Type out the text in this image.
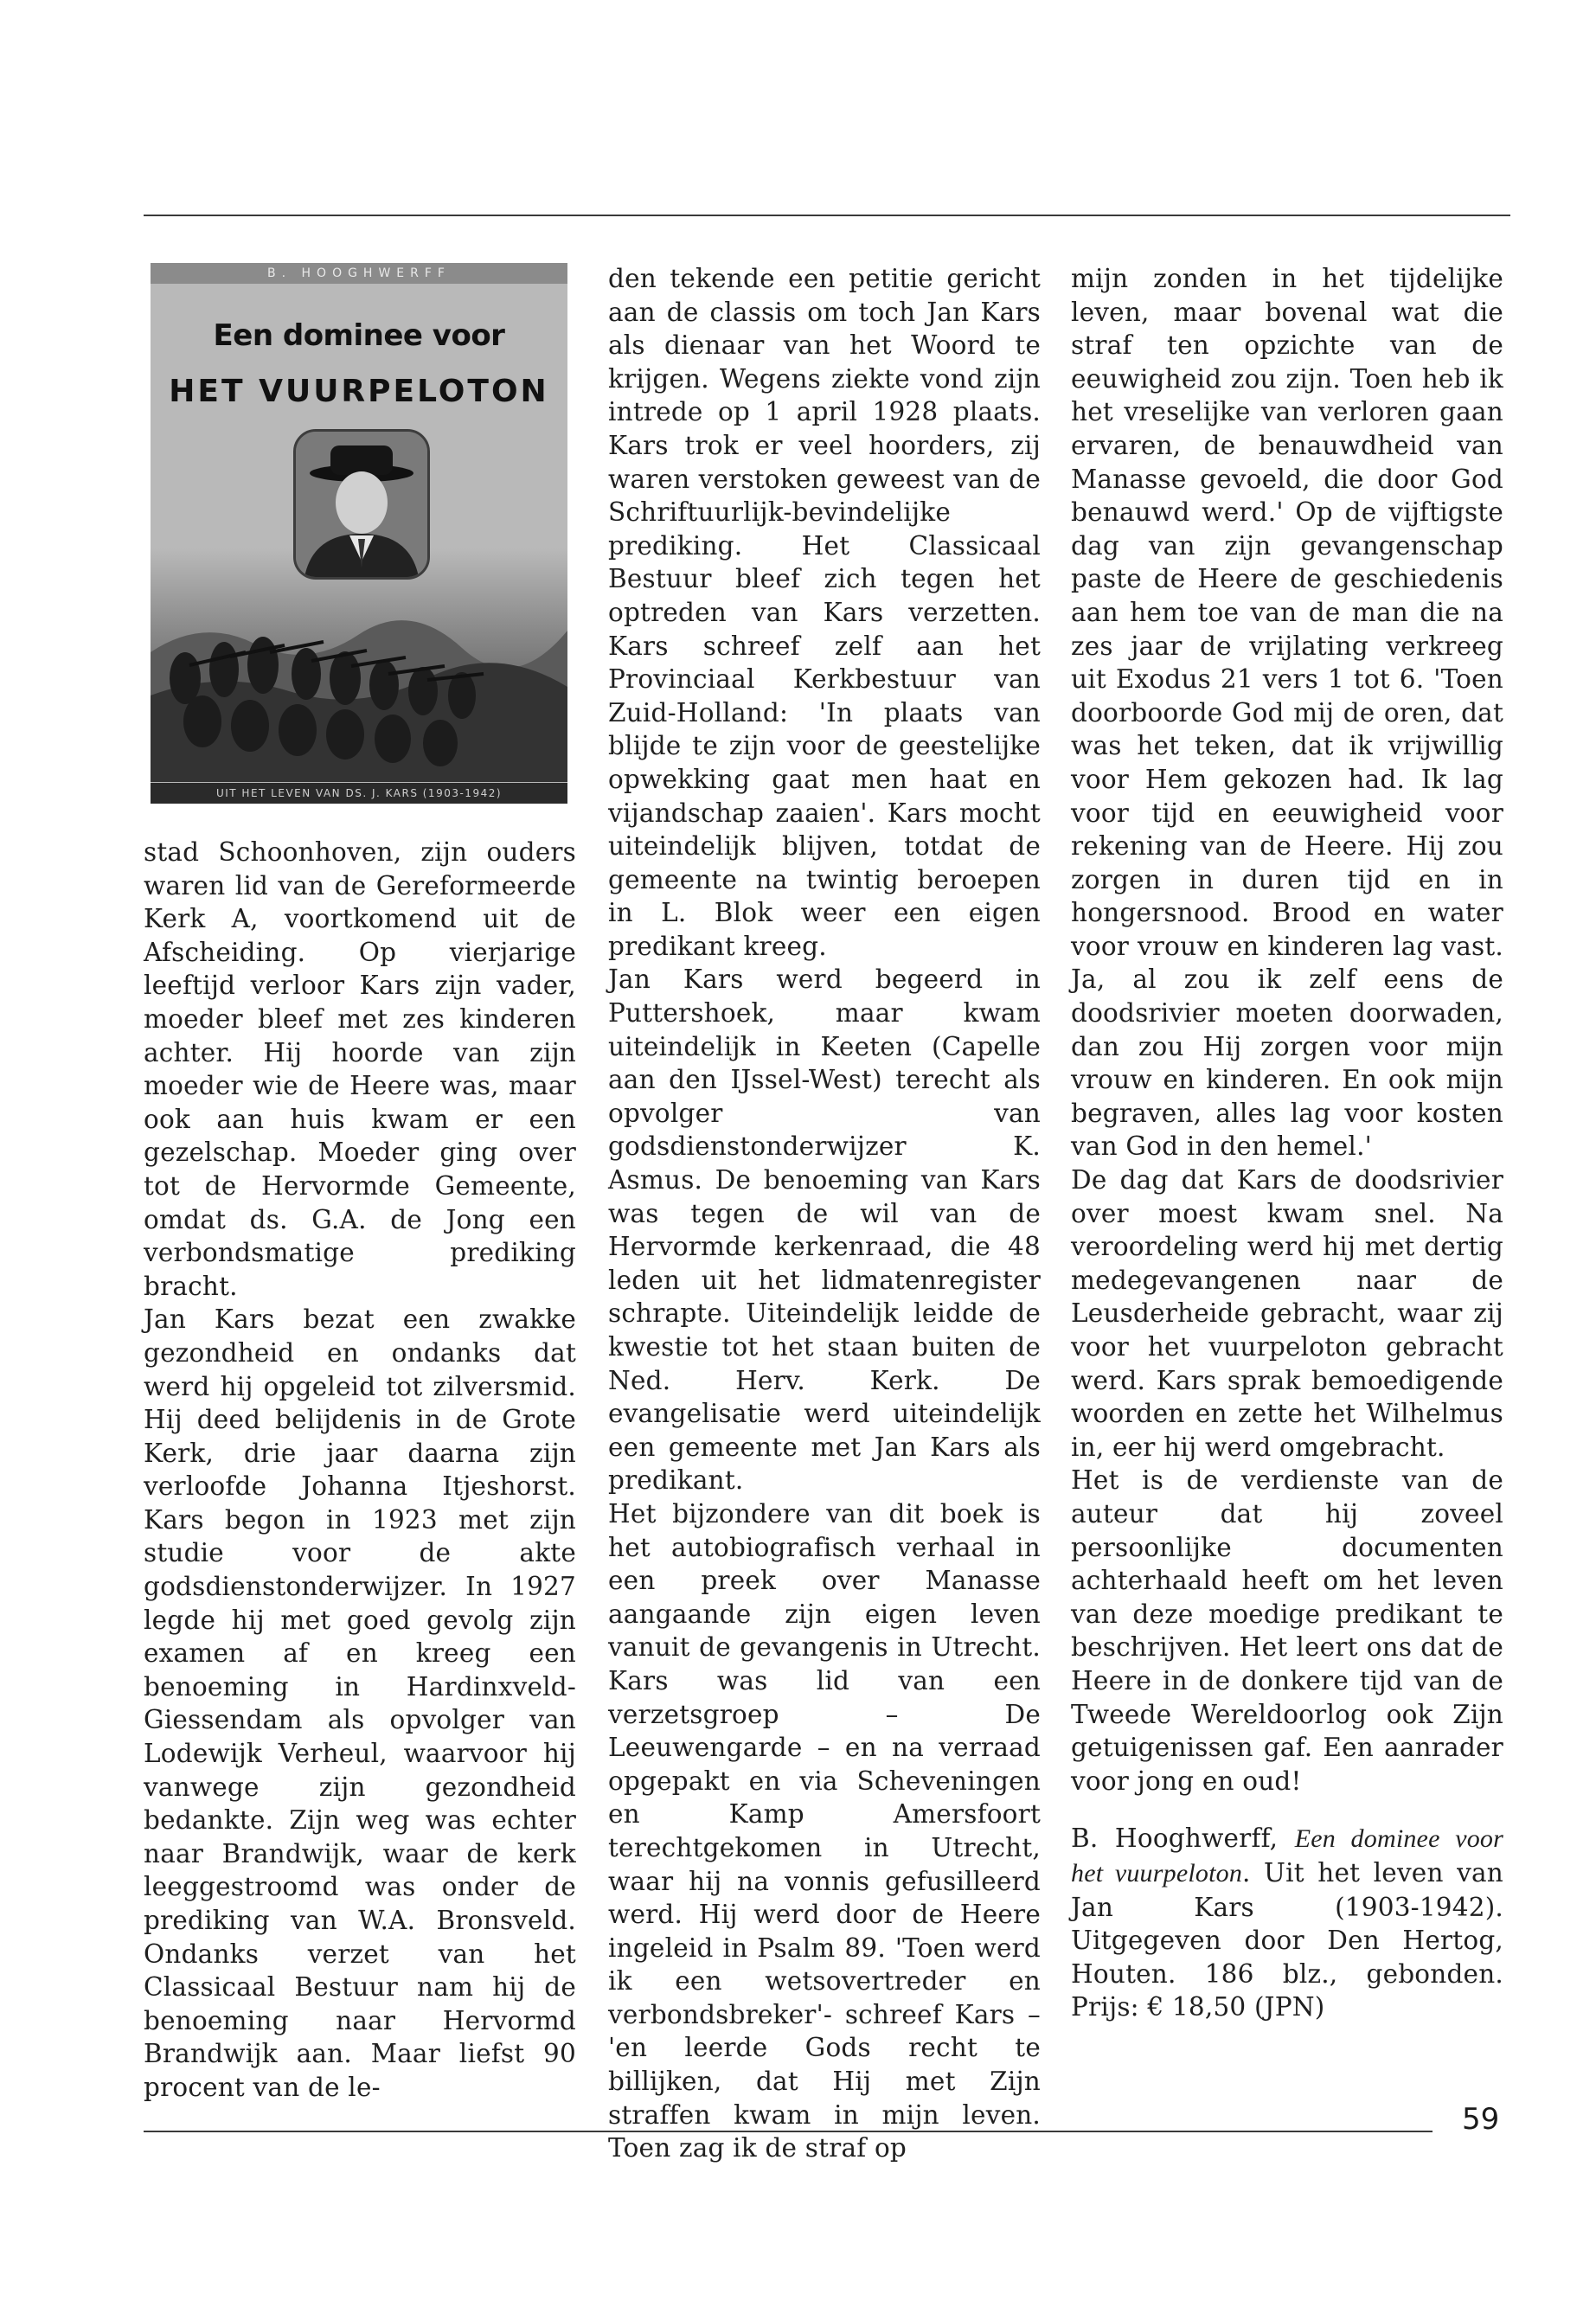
B. HOOGHWERFF
Een dominee voor
HET VUURPELOTON
UIT HET LEVEN VAN DS. J. KARS (1903-1942)

stad Schoonhoven, zijn ouders waren lid van de Gereformeerde Kerk A, voortkomend uit de Afscheiding. Op vierjarige leeftijd verloor Kars zijn vader, moeder bleef met zes kinderen achter. Hij hoorde van zijn moeder wie de Heere was, maar ook aan huis kwam er een gezelschap. Moeder ging over tot de Hervormde Gemeente, omdat ds. G.A. de Jong een verbondsmatige prediking bracht.

Jan Kars bezat een zwakke gezondheid en ondanks dat werd hij opgeleid tot zilversmid. Hij deed belijdenis in de Grote Kerk, drie jaar daarna zijn verloofde Johanna Itjeshorst. Kars begon in 1923 met zijn studie voor de akte godsdienstonderwijzer. In 1927 legde hij met goed gevolg zijn examen af en kreeg een benoeming in Hardinxveld-Giessendam als opvolger van Lodewijk Verheul, waarvoor hij vanwege zijn gezondheid bedankte. Zijn weg was echter naar Brandwijk, waar de kerk leeggestroomd was onder de prediking van W.A. Bronsveld. Ondanks verzet van het Classicaal Bestuur nam hij de benoeming naar Hervormd Brandwijk aan. Maar liefst 90 procent van de le-

den tekende een petitie gericht aan de classis om toch Jan Kars als dienaar van het Woord te krijgen. Wegens ziekte vond zijn intrede op 1 april 1928 plaats. Kars trok er veel hoorders, zij waren verstoken geweest van de Schriftuurlijk-bevindelijke prediking. Het Classicaal Bestuur bleef zich tegen het optreden van Kars verzetten. Kars schreef zelf aan het Provinciaal Kerkbestuur van Zuid-Holland: 'In plaats van blijde te zijn voor de geestelijke opwekking gaat men haat en vijandschap zaaien'. Kars mocht uiteindelijk blijven, totdat de gemeente na twintig beroepen in L. Blok weer een eigen predikant kreeg.

Jan Kars werd begeerd in Puttershoek, maar kwam uiteindelijk in Keeten (Capelle aan den IJssel-West) terecht als opvolger van godsdienstonderwijzer K. Asmus. De benoeming van Kars was tegen de wil van de Hervormde kerkenraad, die 48 leden uit het lidmatenregister schrapte. Uiteindelijk leidde de kwestie tot het staan buiten de Ned. Herv. Kerk. De evangelisatie werd uiteindelijk een gemeente met Jan Kars als predikant.

Het bijzondere van dit boek is het autobiografisch verhaal in een preek over Manasse aangaande zijn eigen leven vanuit de gevangenis in Utrecht. Kars was lid van een verzetsgroep – De Leeuwengarde – en na verraad opgepakt en via Scheveningen en Kamp Amersfoort terechtgekomen in Utrecht, waar hij na vonnis gefusilleerd werd. Hij werd door de Heere ingeleid in Psalm 89. 'Toen werd ik een wetsovertreder en verbondsbreker'- schreef Kars – 'en leerde Gods recht te billijken, dat Hij met Zijn straffen kwam in mijn leven. Toen zag ik de straf op

mijn zonden in het tijdelijke leven, maar bovenal wat die straf ten opzichte van de eeuwigheid zou zijn. Toen heb ik het vreselijke van verloren gaan ervaren, de benauwdheid van Manasse gevoeld, die door God benauwd werd.' Op de vijftigste dag van zijn gevangenschap paste de Heere de geschiedenis aan hem toe van de man die na zes jaar de vrijlating verkreeg uit Exodus 21 vers 1 tot 6. 'Toen doorboorde God mij de oren, dat was het teken, dat ik vrijwillig voor Hem gekozen had. Ik lag voor tijd en eeuwigheid voor rekening van de Heere. Hij zou zorgen in duren tijd en in hongersnood. Brood en water voor vrouw en kinderen lag vast. Ja, al zou ik zelf eens de doodsrivier moeten doorwaden, dan zou Hij zorgen voor mijn vrouw en kinderen. En ook mijn begraven, alles lag voor kosten van God in den hemel.'

De dag dat Kars de doodsrivier over moest kwam snel. Na veroordeling werd hij met dertig medegevangenen naar de Leusderheide gebracht, waar zij voor het vuurpeloton gebracht werd. Kars sprak bemoedigende woorden en zette het Wilhelmus in, eer hij werd omgebracht.

Het is de verdienste van de auteur dat hij zoveel persoonlijke documenten achterhaald heeft om het leven van deze moedige predikant te beschrijven. Het leert ons dat de Heere in de donkere tijd van de Tweede Wereldoorlog ook Zijn getuigenissen gaf. Een aanrader voor jong en oud!

B. Hooghwerff, Een dominee voor het vuurpeloton. Uit het leven van Jan Kars (1903-1942). Uitgegeven door Den Hertog, Houten. 186 blz., gebonden. Prijs: € 18,50 (JPN)

59
